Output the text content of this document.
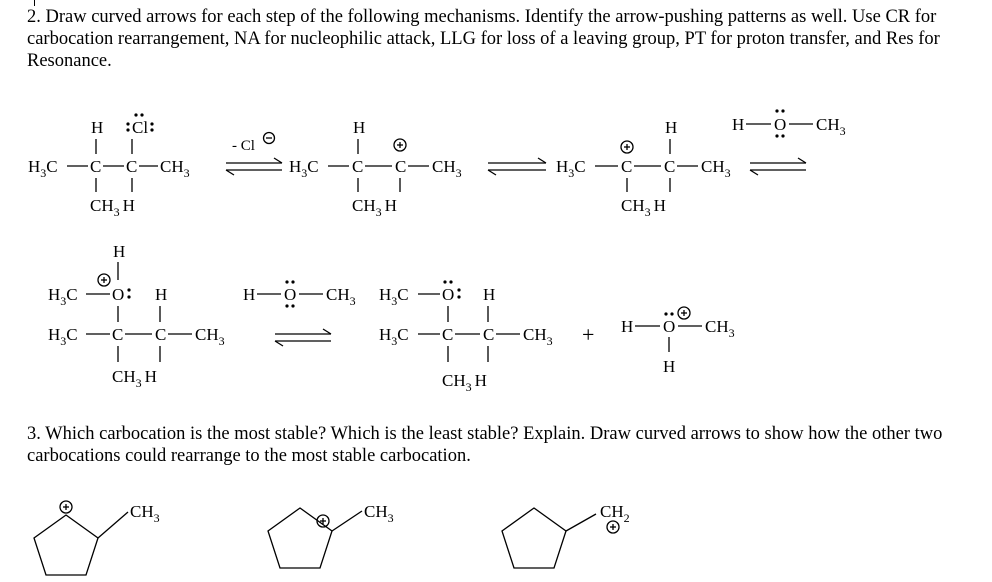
2. Draw curved arrows for each step of the following mechanisms. Identify the arrow-pushing patterns as well. Use CR for carbocation rearrangement, NA for nucleophilic attack, LLG for loss of a leaving group, PT for proton transfer, and Res for Resonance.

$H_3C$ C C $CH_3$
H Cl
$CH_3$ H
- Cl
$H_3C$ C C $CH_3$
H
$CH_3$ H
$H_3C$ C C $CH_3$
H
$CH_3$ H
H O $CH_3$
H
$H_3C$ O H
$H_3C$ C C $CH_3$
$CH_3$ H
H O $CH_3$ $H_3C$ O H
$H_3C$ C C $CH_3$
$CH_3$ H
+ H O $CH_3$
H
$CH_3$	$CH_3$	$CH_2$

3. Which carbocation is the most stable? Which is the least stable? Explain. Draw curved arrows to show how the other two carbocations could rearrange to the most stable carbocation.
